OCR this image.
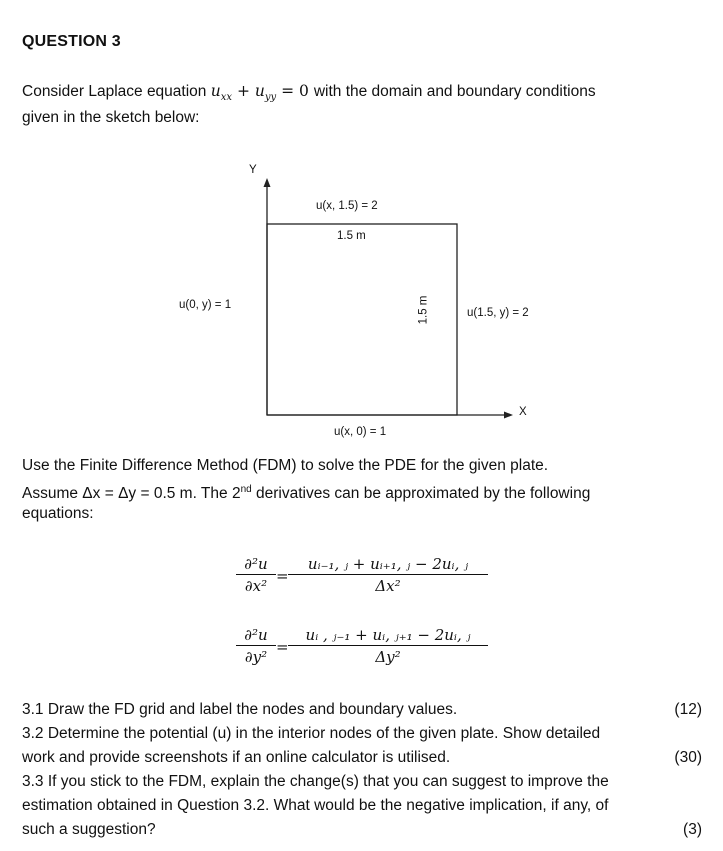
QUESTION 3
Consider Laplace equation $u_{xx} + u_{yy} = 0$ with the domain and boundary conditions
given in the sketch below:
Y
X
u(x, 1.5) = 2
1.5 m
u(0, y) = 1	1.5 m	u(1.5, y) = 2
u(x, 0) = 1
Use the Finite Difference Method (FDM) to solve the PDE for the given plate.
Assume Δx = Δy = 0.5 m. The 2nd derivatives can be approximated by the following
equations:
∂²u
∂x²
=
uᵢ₋₁, ⱼ + uᵢ₊₁, ⱼ − 2uᵢ, ⱼ
Δx²
∂²u
∂y²
=
uᵢ , ⱼ₋₁ + uᵢ, ⱼ₊₁ − 2uᵢ, ⱼ
Δy²
3.1 Draw the FD grid and label the nodes and boundary values.	(12)
3.2 Determine the potential (u) in the interior nodes of the given plate. Show detailed
work and provide screenshots if an online calculator is utilised.	(30)
3.3 If you stick to the FDM, explain the change(s) that you can suggest to improve the
estimation obtained in Question 3.2. What would be the negative implication, if any, of
such a suggestion?	(3)
